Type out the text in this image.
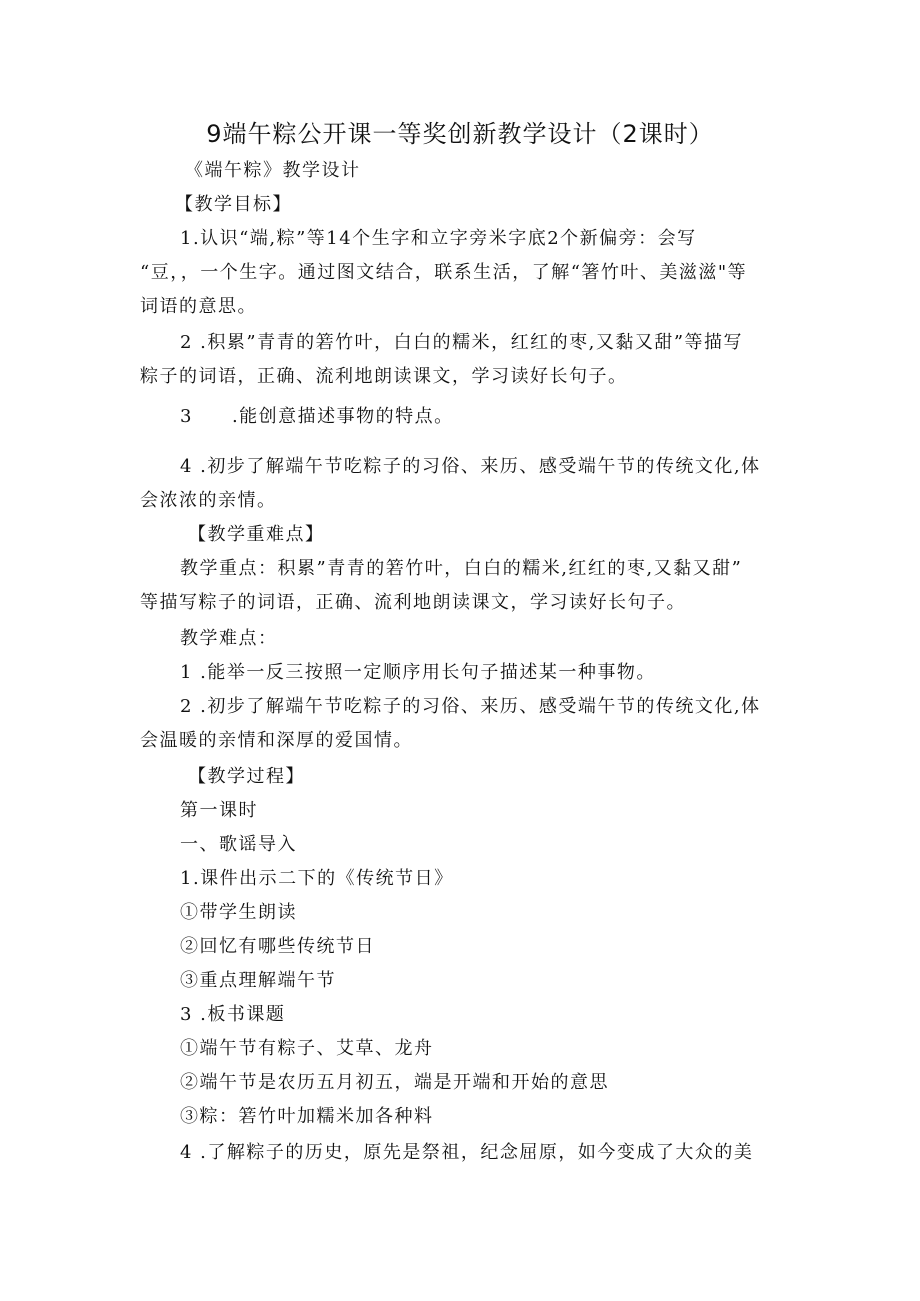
9端午粽公开课一等奖创新教学设计（2课时）
《端午粽》教学设计
【教学目标】
1.认识“端,粽”等14个生字和立字旁米字底2个新偏旁：会写
“豆，，一个生字。通过图文结合，联系生活，了解“箸竹叶、美滋滋"等
词语的意思。
2 .积累”青青的箬竹叶，白白的糯米，红红的枣,又黏又甜”等描写
粽子的词语，正确、流利地朗读课文，学习读好长句子。
3　　.能创意描述事物的特点。
4 .初步了解端午节吃粽子的习俗、来历、感受端午节的传统文化,体
会浓浓的亲情。
【教学重难点】
教学重点：积累”青青的箬竹叶，白白的糯米,红红的枣,又黏又甜”
等描写粽子的词语，正确、流利地朗读课文，学习读好长句子。
教学难点：
1 .能举一反三按照一定顺序用长句子描述某一种事物。
2 .初步了解端午节吃粽子的习俗、来历、感受端午节的传统文化,体
会温暖的亲情和深厚的爱国情。
【教学过程】
第一课时
一、歌谣导入
1.课件出示二下的《传统节日》
①带学生朗读
②回忆有哪些传统节日
③重点理解端午节
3 .板书课题
①端午节有粽子、艾草、龙舟
②端午节是农历五月初五，端是开端和开始的意思
③粽：箬竹叶加糯米加各种料
4 .了解粽子的历史，原先是祭祖，纪念屈原，如今变成了大众的美
